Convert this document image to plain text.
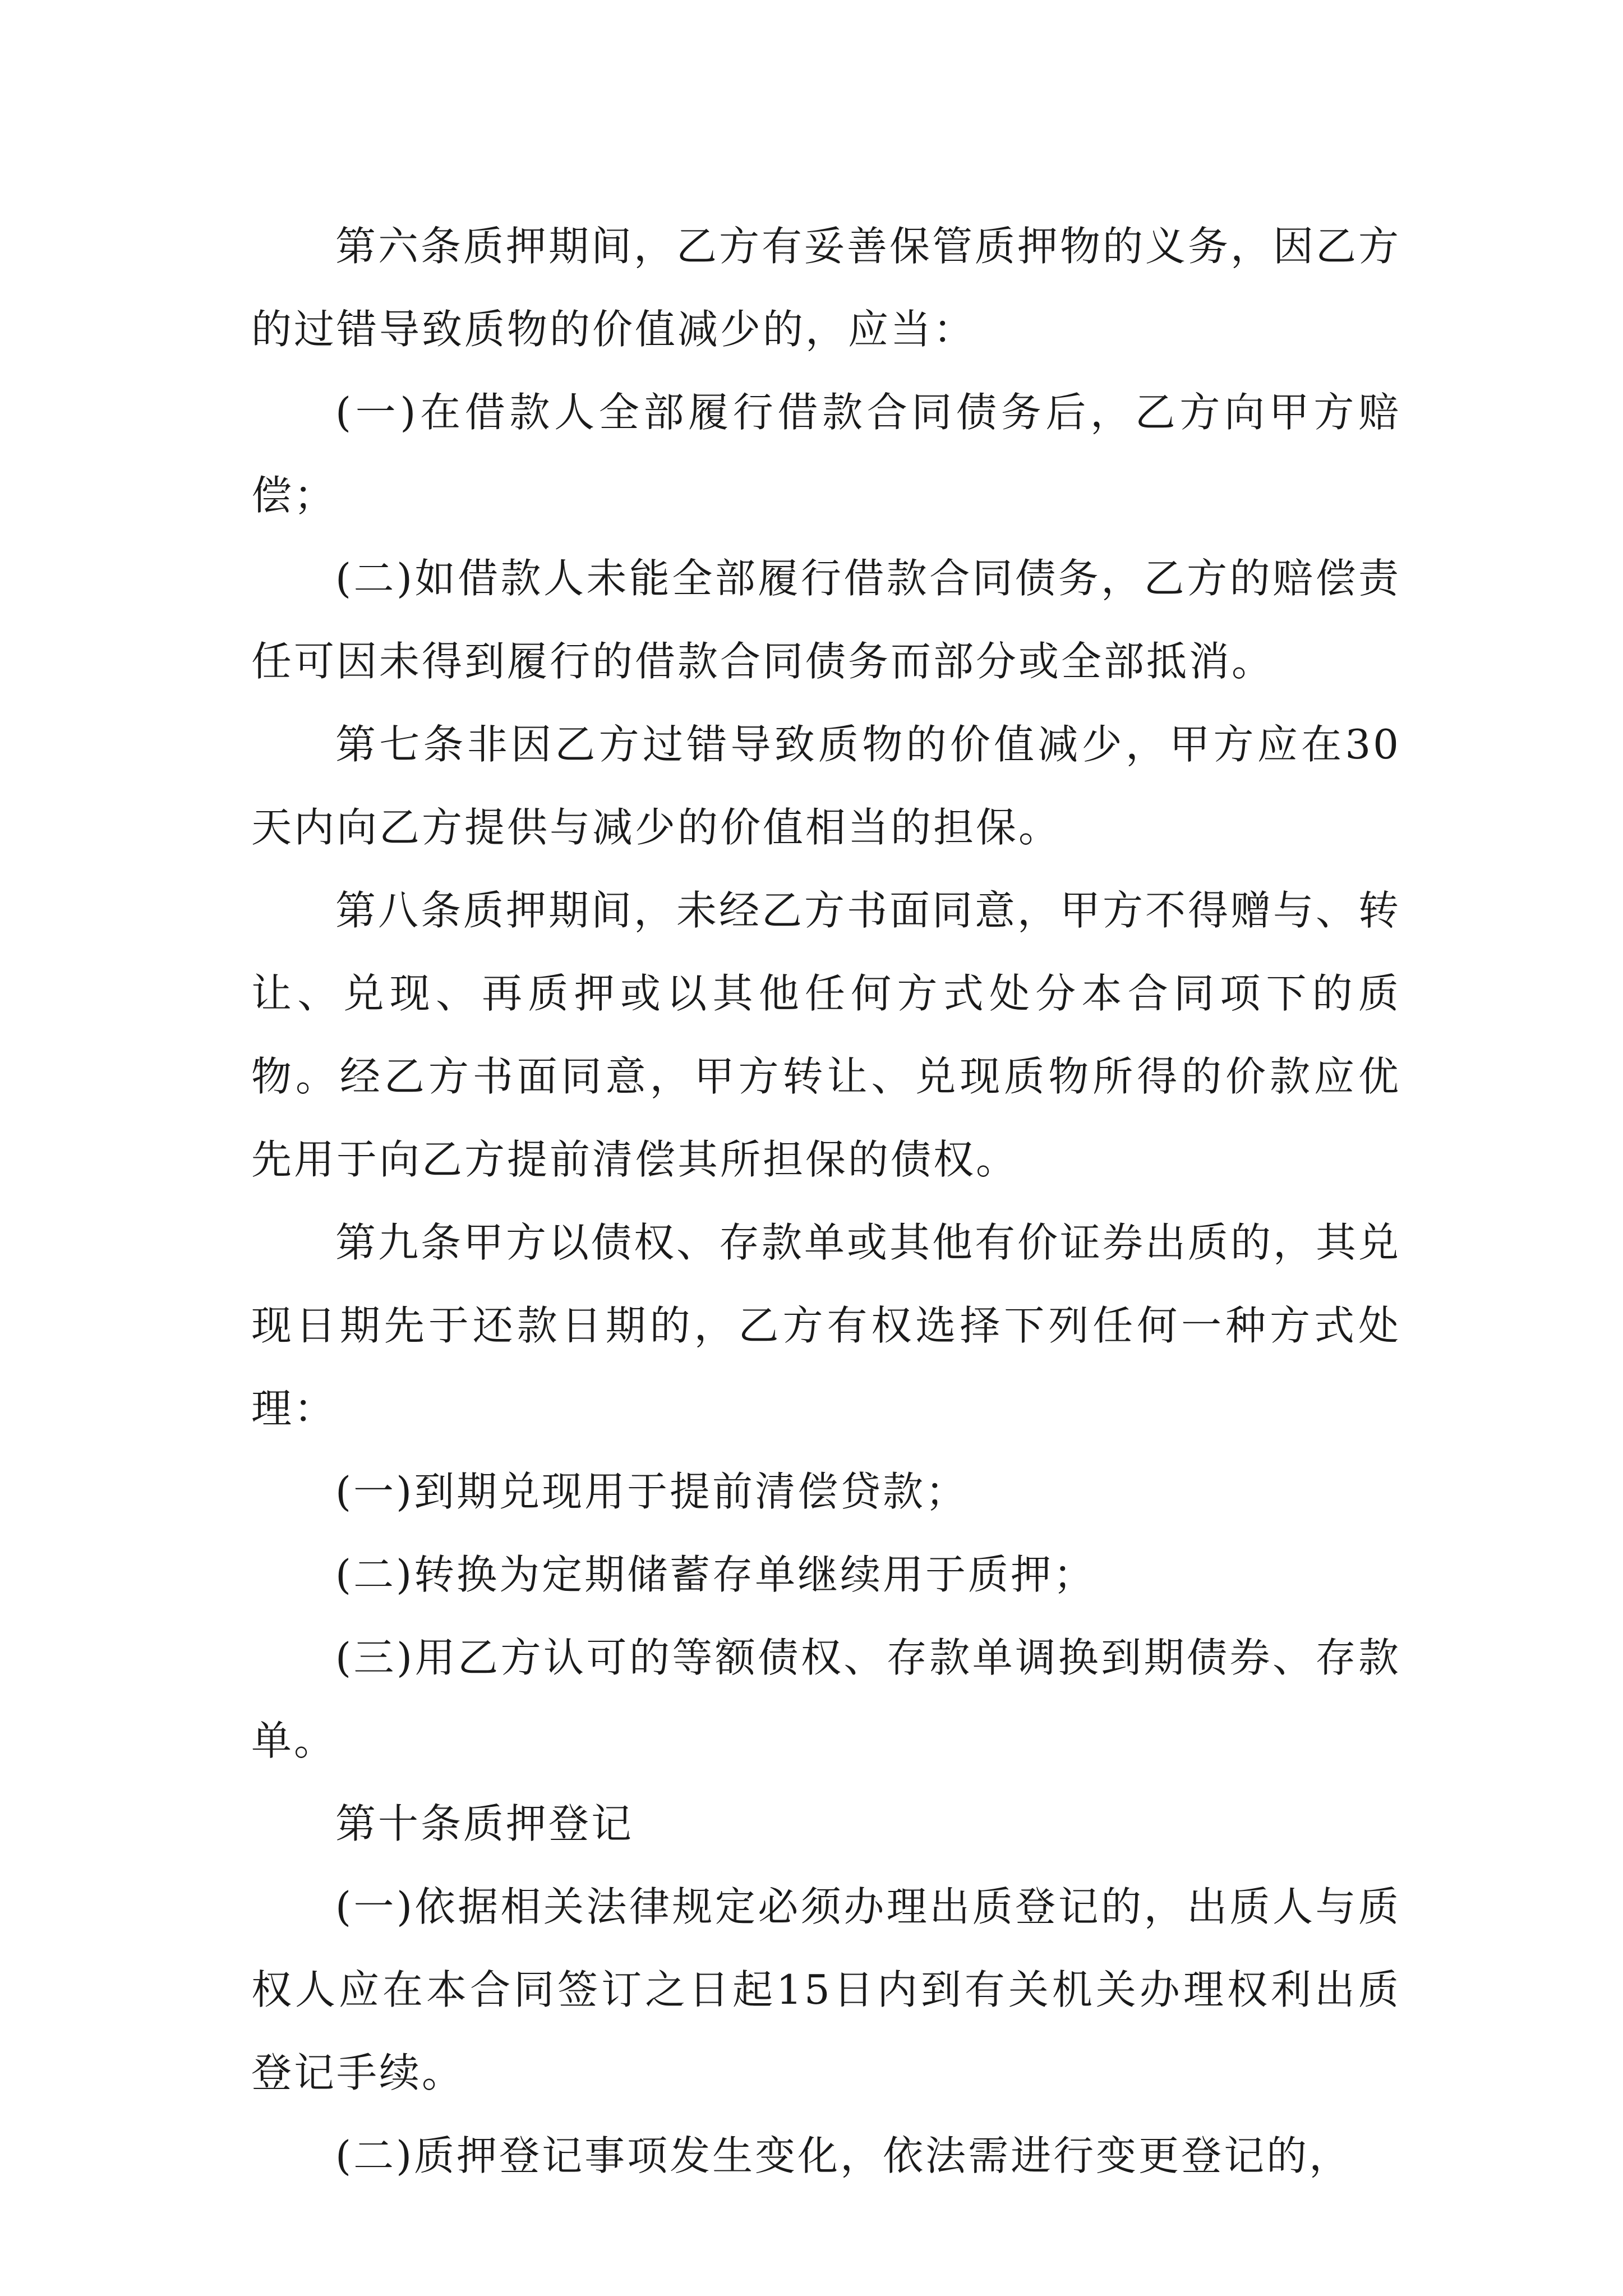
第六条质押期间，乙方有妥善保管质押物的义务，因乙方的过错导致质物的价值减少的，应当：

(一)在借款人全部履行借款合同债务后，乙方向甲方赔偿；

(二)如借款人未能全部履行借款合同债务，乙方的赔偿责任可因未得到履行的借款合同债务而部分或全部抵消。

第七条非因乙方过错导致质物的价值减少，甲方应在30天内向乙方提供与减少的价值相当的担保。

第八条质押期间，未经乙方书面同意，甲方不得赠与、转让、兑现、再质押或以其他任何方式处分本合同项下的质物。经乙方书面同意，甲方转让、兑现质物所得的价款应优先用于向乙方提前清偿其所担保的债权。

第九条甲方以债权、存款单或其他有价证券出质的，其兑现日期先于还款日期的，乙方有权选择下列任何一种方式处理：

(一)到期兑现用于提前清偿贷款；

(二)转换为定期储蓄存单继续用于质押；

(三)用乙方认可的等额债权、存款单调换到期债券、存款单。

第十条质押登记

(一)依据相关法律规定必须办理出质登记的，出质人与质权人应在本合同签订之日起15日内到有关机关办理权利出质登记手续。

(二)质押登记事项发生变化，依法需进行变更登记的，
